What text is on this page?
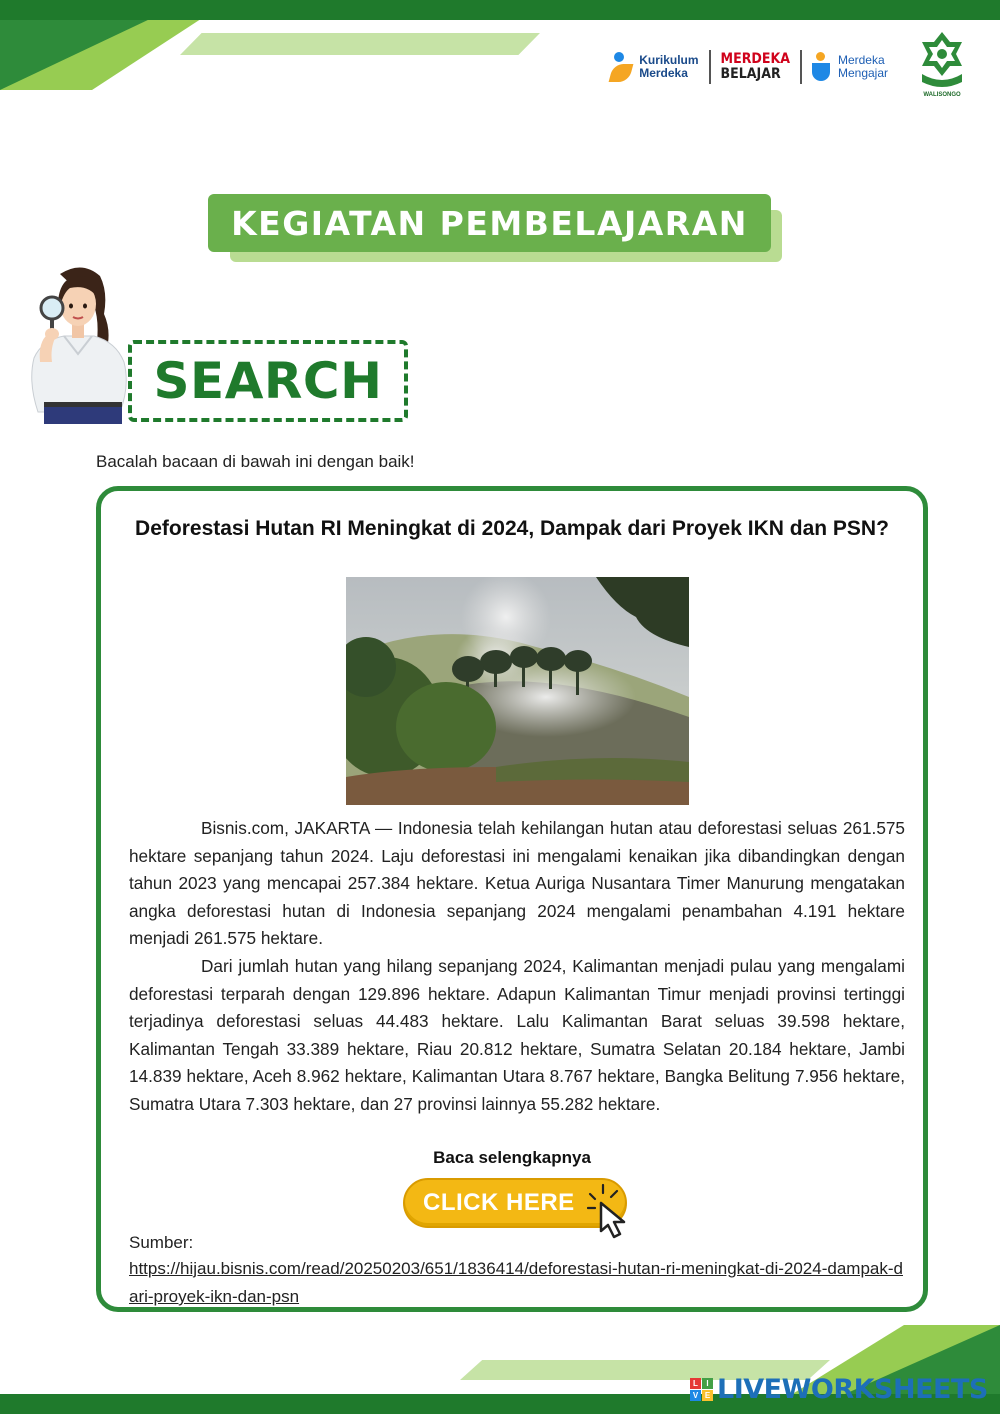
Kurikulum
Merdeka
MERDEKA
BELAJAR
Merdeka
Mengajar
WALISONGO
KEGIATAN PEMBELAJARAN
SEARCH
Bacalah bacaan di bawah ini dengan baik!
Deforestasi Hutan RI Meningkat di 2024, Dampak dari Proyek IKN dan PSN?

Bisnis.com, JAKARTA — Indonesia telah kehilangan hutan atau deforestasi seluas 261.575 hektare sepanjang tahun 2024. Laju deforestasi ini mengalami kenaikan jika dibandingkan dengan tahun 2023 yang mencapai 257.384 hektare. Ketua Auriga Nusantara Timer Manurung mengatakan angka deforestasi hutan di Indonesia sepanjang 2024 mengalami penambahan 4.191 hektare menjadi 261.575 hektare.

Dari jumlah hutan yang hilang sepanjang 2024, Kalimantan menjadi pulau yang mengalami deforestasi terparah dengan 129.896 hektare. Adapun Kalimantan Timur menjadi provinsi tertinggi terjadinya deforestasi seluas 44.483 hektare. Lalu Kalimantan Barat seluas 39.598 hektare, Kalimantan Tengah 33.389 hektare, Riau 20.812 hektare, Sumatra Selatan 20.184 hektare, Jambi 14.839 hektare, Aceh 8.962 hektare, Kalimantan Utara 8.767 hektare, Bangka Belitung 7.956 hektare, Sumatra Utara 7.303 hektare, dan 27 provinsi lainnya 55.282 hektare.

Baca selengkapnya
CLICK HERE
Sumber:
https://hijau.bisnis.com/read/20250203/651/1836414/deforestasi-hutan-ri-meningkat-di-2024-dampak-dari-proyek-ikn-dan-psn
L	I
V E LIVEWORKSHEETS
